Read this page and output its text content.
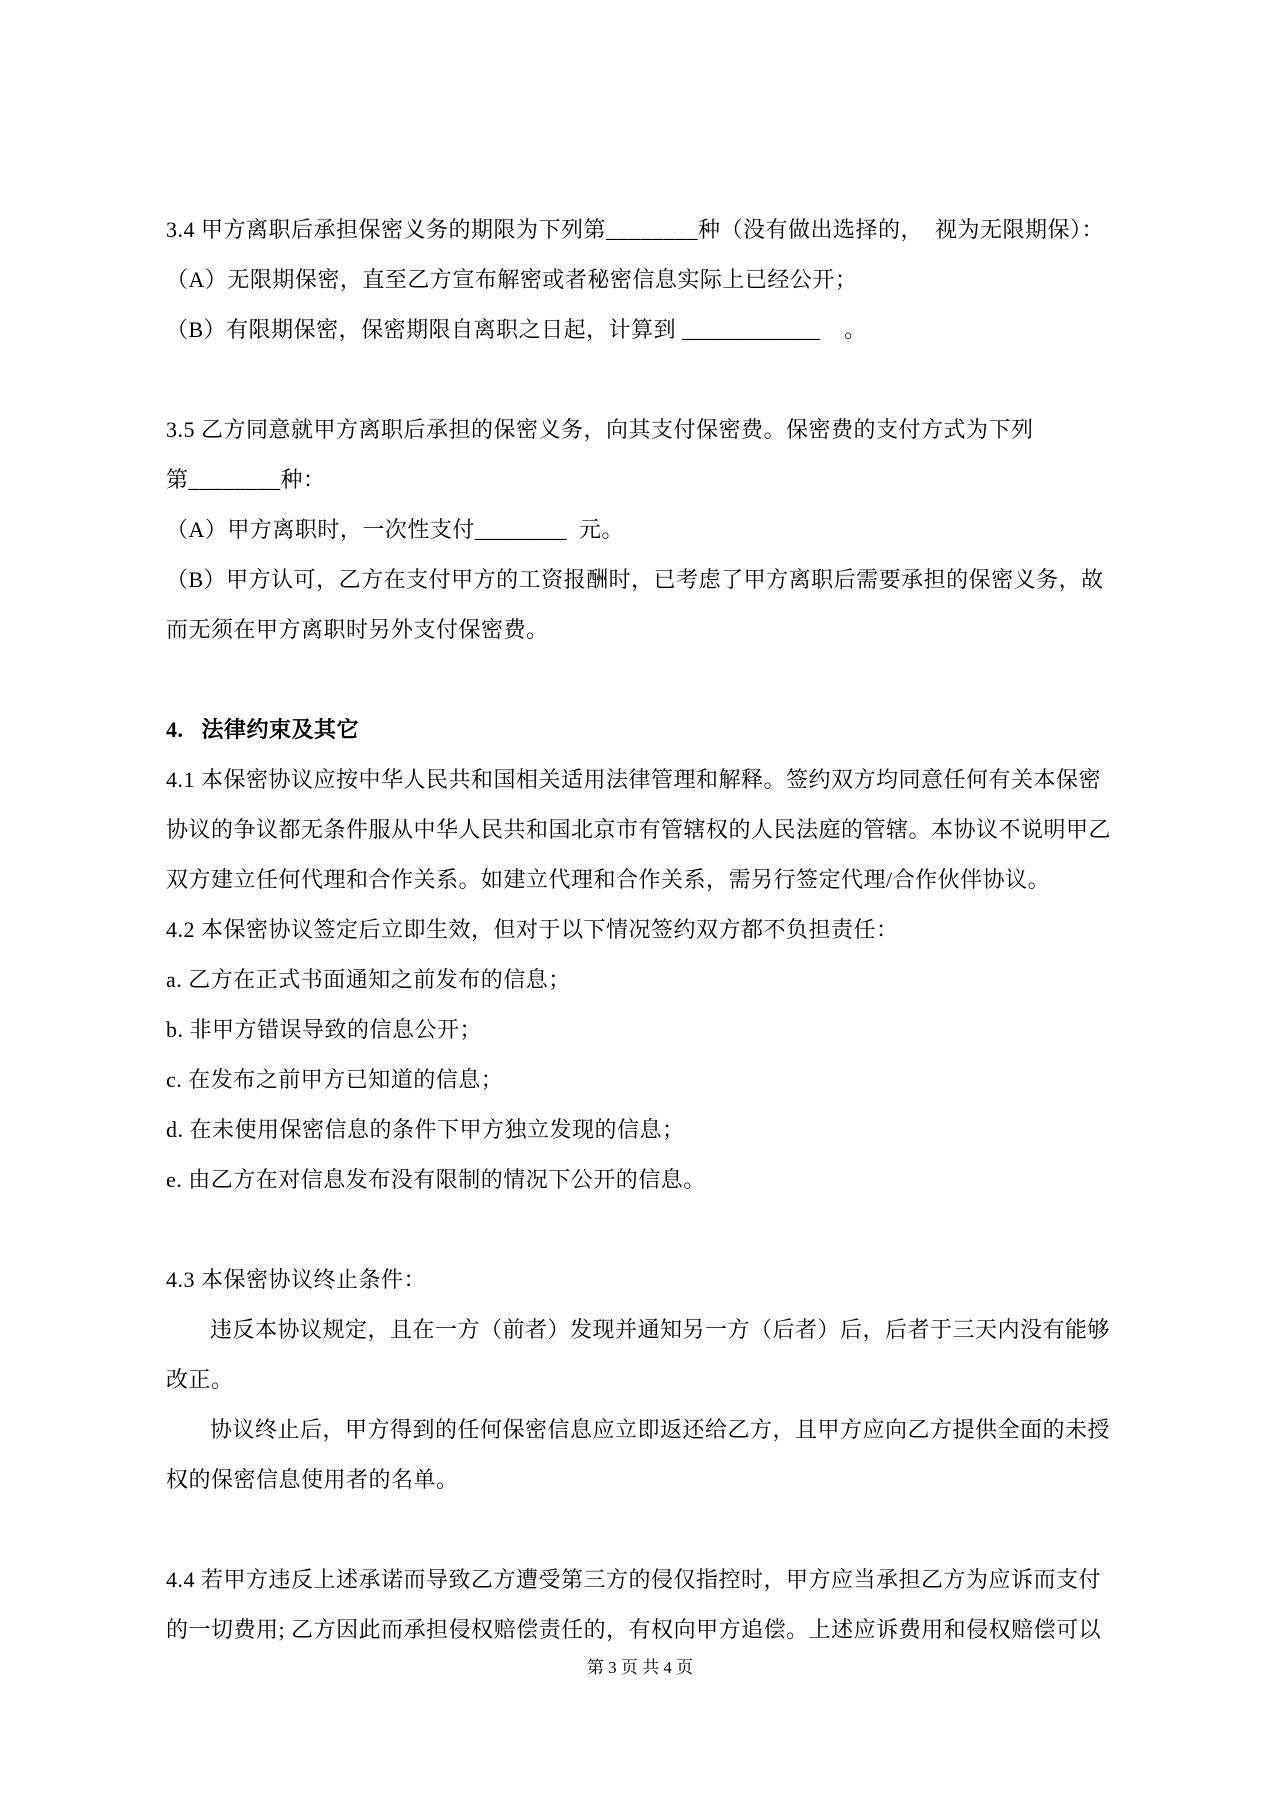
3.4 甲方离职后承担保密义务的期限为下列第________种（没有做出选择的，  视为无限期保）：
（A）无限期保密，直至乙方宣布解密或者秘密信息实际上已经公开；
（B）有限期保密，保密期限自离职之日起，计算到 ____________    。
3.5 乙方同意就甲方离职后承担的保密义务，向其支付保密费。保密费的支付方式为下列
第________种：
（A）甲方离职时，一次性支付________  元。
（B）甲方认可，乙方在支付甲方的工资报酬时，已考虑了甲方离职后需要承担的保密义务，故
而无须在甲方离职时另外支付保密费。
4.   法律约束及其它
4.1 本保密协议应按中华人民共和国相关适用法律管理和解释。签约双方均同意任何有关本保密
协议的争议都无条件服从中华人民共和国北京市有管辖权的人民法庭的管辖。本协议不说明甲乙
双方建立任何代理和合作关系。如建立代理和合作关系，需另行签定代理/合作伙伴协议。
4.2 本保密协议签定后立即生效，但对于以下情况签约双方都不负担责任：
a. 乙方在正式书面通知之前发布的信息；
b. 非甲方错误导致的信息公开；
c. 在发布之前甲方已知道的信息；
d. 在未使用保密信息的条件下甲方独立发现的信息；
e. 由乙方在对信息发布没有限制的情况下公开的信息。
4.3 本保密协议终止条件：
违反本协议规定，且在一方（前者）发现并通知另一方（后者）后，后者于三天内没有能够
改正。
协议终止后，甲方得到的任何保密信息应立即返还给乙方，且甲方应向乙方提供全面的未授
权的保密信息使用者的名单。
4.4 若甲方违反上述承诺而导致乙方遭受第三方的侵仅指控时，甲方应当承担乙方为应诉而支付
的一切费用; 乙方因此而承担侵权赔偿责任的，有权向甲方追偿。上述应诉费用和侵权赔偿可以
第 3 页 共 4 页
